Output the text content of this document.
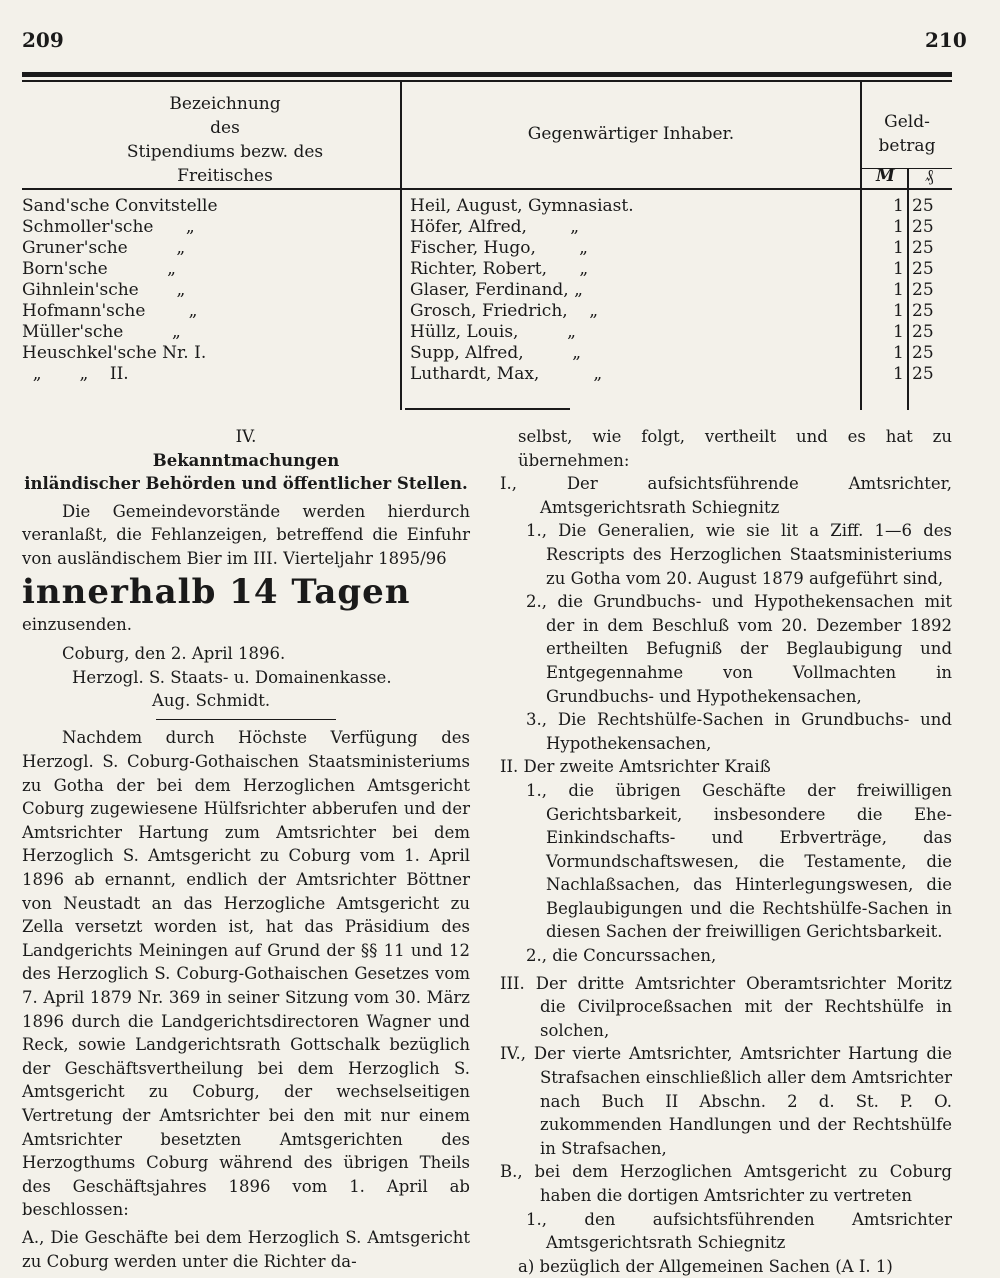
209	210
Bezeichnung
des
Stipendiums bezw. des
Freitisches
Gegenwärtiger Inhaber.
Geld-
betrag
M ₰
Sand'sche Convitstelle	Heil, August, Gymnasiast.	1 25
Schmoller'sche      „	Höfer, Alfred,        „	1 25
Gruner'sche         „	Fischer, Hugo,        „	1 25
Born'sche           „	Richter, Robert,      „	1 25
Gihnlein'sche       „	Glaser, Ferdinand, „	1 25
Hofmann'sche        „	Grosch, Friedrich,    „	1 25
Müller'sche         „	Hüllz, Louis,         „	1 25
Heuschkel'sche Nr. I.	Supp, Alfred,         „	1 25
„       „    II.	Luthardt, Max,          „	1 25

IV.

Bekanntmachungen

inländischer Behörden und öffentlicher Stellen.

Die Gemeindevorstände werden hierdurch veranlaßt, die Fehlanzeigen, betreffend die Einfuhr von ausländischem Bier im III. Vierteljahr 1895/96

innerhalb 14 Tagen

einzusenden.

Coburg, den 2. April 1896.

Herzogl. S. Staats- u. Domainenkasse.

Aug. Schmidt.

Nachdem durch Höchste Verfügung des Herzogl. S. Coburg-Gothaischen Staatsministeriums zu Gotha der bei dem Herzoglichen Amtsgericht Coburg zugewiesene Hülfsrichter abberufen und der Amtsrichter Hartung zum Amtsrichter bei dem Herzoglich S. Amtsgericht zu Coburg vom 1. April 1896 ab ernannt, endlich der Amtsrichter Böttner von Neustadt an das Herzogliche Amtsgericht zu Zella versetzt worden ist, hat das Präsidium des Landgerichts Meiningen auf Grund der §§ 11 und 12 des Herzoglich S. Coburg-Gothaischen Gesetzes vom 7. April 1879 Nr. 369 in seiner Sitzung vom 30. März 1896 durch die Landgerichtsdirectoren Wagner und Reck, sowie Landgerichtsrath Gottschalk bezüglich der Geschäftsvertheilung bei dem Herzoglich S. Amtsgericht zu Coburg, der wechselseitigen Vertretung der Amtsrichter bei den mit nur einem Amtsrichter besetzten Amtsgerichten des Herzogthums Coburg während des übrigen Theils des Geschäftsjahres 1896 vom 1. April ab beschlossen:

A., Die Geschäfte bei dem Herzoglich S. Amtsgericht zu Coburg werden unter die Richter da-

selbst, wie folgt, vertheilt und es hat zu übernehmen:

I., Der aufsichtsführende Amtsrichter, Amtsgerichtsrath Schiegnitz

1., Die Generalien, wie sie lit a Ziff. 1—6 des Rescripts des Herzoglichen Staatsministeriums zu Gotha vom 20. August 1879 aufgeführt sind,

2., die Grundbuchs- und Hypothekensachen mit der in dem Beschluß vom 20. Dezember 1892 ertheilten Befugniß der Beglaubigung und Entgegennahme von Vollmachten in Grundbuchs- und Hypothekensachen,

3., Die Rechtshülfe-Sachen in Grundbuchs- und Hypothekensachen,

II. Der zweite Amtsrichter Kraiß

1., die übrigen Geschäfte der freiwilligen Gerichtsbarkeit, insbesondere die Ehe- Einkindschafts- und Erbverträge, das Vormundschaftswesen, die Testamente, die Nachlaßsachen, das Hinterlegungswesen, die Beglaubigungen und die Rechtshülfe-Sachen in diesen Sachen der freiwilligen Gerichtsbarkeit.

2., die Concurssachen,

III. Der dritte Amtsrichter Oberamtsrichter Moritz die Civilproceßsachen mit der Rechtshülfe in solchen,

IV., Der vierte Amtsrichter, Amtsrichter Hartung die Strafsachen einschließlich aller dem Amtsrichter nach Buch II Abschn. 2 d. St. P. O. zukommenden Handlungen und der Rechtshülfe in Strafsachen,

B., bei dem Herzoglichen Amtsgericht zu Coburg haben die dortigen Amtsrichter zu vertreten

1., den aufsichtsführenden Amtsrichter Amtsgerichtsrath Schiegnitz

a) bezüglich der Allgemeinen Sachen (A I. 1)
